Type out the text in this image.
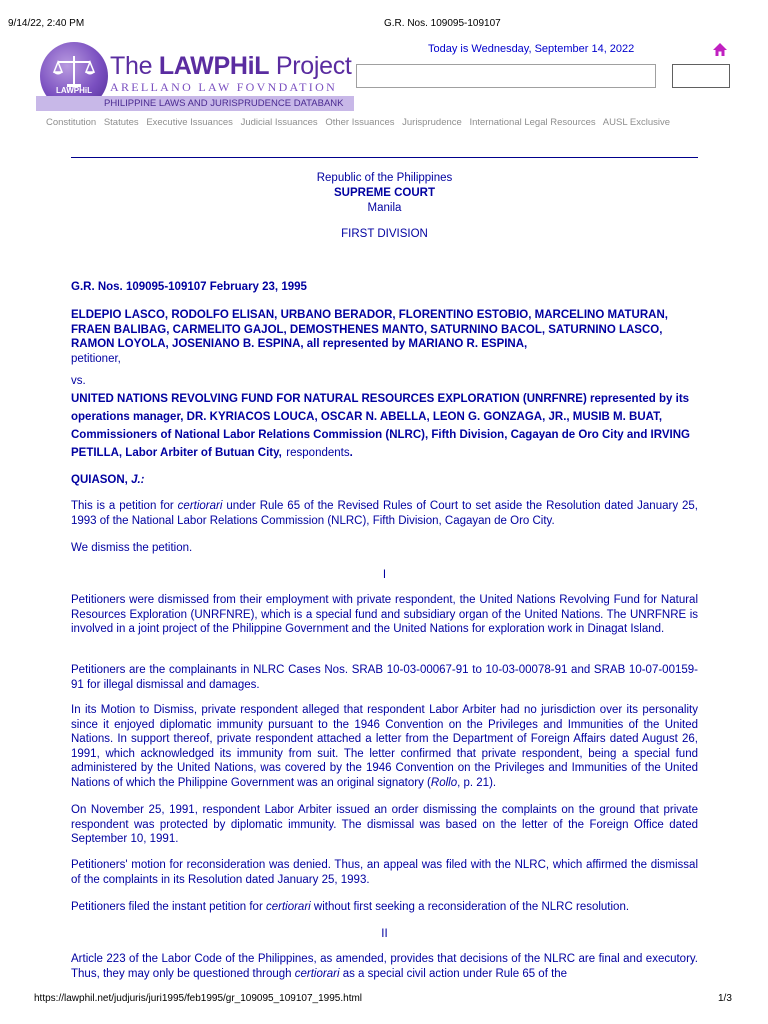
9/14/22, 2:40 PM	G.R. Nos. 109095-109107
LAWPHiL
The LAWPHiL Project
ARELLANO LAW FOVNDATION
PHILIPPINE LAWS AND JURISPRUDENCE DATABANK
Today is Wednesday, September 14, 2022
Constitution Statutes Executive Issuances Judicial Issuances Other Issuances Jurisprudence International Legal Resources AUSL Exclusive
Republic of the Philippines
SUPREME COURT
Manila
FIRST DIVISION
G.R. Nos. 109095-109107 February 23, 1995
ELDEPIO LASCO, RODOLFO ELISAN, URBANO BERADOR, FLORENTINO ESTOBIO, MARCELINO MATURAN, FRAEN BALIBAG, CARMELITO GAJOL, DEMOSTHENES MANTO, SATURNINO BACOL, SATURNINO LASCO, RAMON LOYOLA, JOSENIANO B. ESPINA, all represented by MARIANO R. ESPINA,
petitioner,
vs.
UNITED NATIONS REVOLVING FUND FOR NATURAL RESOURCES EXPLORATION (UNRFNRE) represented by its operations manager, DR. KYRIACOS LOUCA, OSCAR N. ABELLA, LEON G. GONZAGA, JR., MUSIB M. BUAT, Commissioners of National Labor Relations Commission (NLRC), Fifth Division, Cagayan de Oro City and IRVING PETILLA, Labor Arbiter of Butuan City, respondents.
QUIASON, J.:
This is a petition for certiorari under Rule 65 of the Revised Rules of Court to set aside the Resolution dated January 25, 1993 of the National Labor Relations Commission (NLRC), Fifth Division, Cagayan de Oro City.
We dismiss the petition.
I
Petitioners were dismissed from their employment with private respondent, the United Nations Revolving Fund for Natural Resources Exploration (UNRFNRE), which is a special fund and subsidiary organ of the United Nations. The UNRFNRE is involved in a joint project of the Philippine Government and the United Nations for exploration work in Dinagat Island.
Petitioners are the complainants in NLRC Cases Nos. SRAB 10-03-00067-91 to 10-03-00078-91 and SRAB 10-07-00159-91 for illegal dismissal and damages.
In its Motion to Dismiss, private respondent alleged that respondent Labor Arbiter had no jurisdiction over its personality since it enjoyed diplomatic immunity pursuant to the 1946 Convention on the Privileges and Immunities of the United Nations. In support thereof, private respondent attached a letter from the Department of Foreign Affairs dated August 26, 1991, which acknowledged its immunity from suit. The letter confirmed that private respondent, being a special fund administered by the United Nations, was covered by the 1946 Convention on the Privileges and Immunities of the United Nations of which the Philippine Government was an original signatory (Rollo, p. 21).
On November 25, 1991, respondent Labor Arbiter issued an order dismissing the complaints on the ground that private respondent was protected by diplomatic immunity. The dismissal was based on the letter of the Foreign Office dated September 10, 1991.
Petitioners' motion for reconsideration was denied. Thus, an appeal was filed with the NLRC, which affirmed the dismissal of the complaints in its Resolution dated January 25, 1993.
Petitioners filed the instant petition for certiorari without first seeking a reconsideration of the NLRC resolution.
II
Article 223 of the Labor Code of the Philippines, as amended, provides that decisions of the NLRC are final and executory. Thus, they may only be questioned through certiorari as a special civil action under Rule 65 of the
https://lawphil.net/judjuris/juri1995/feb1995/gr_109095_109107_1995.html	1/3
